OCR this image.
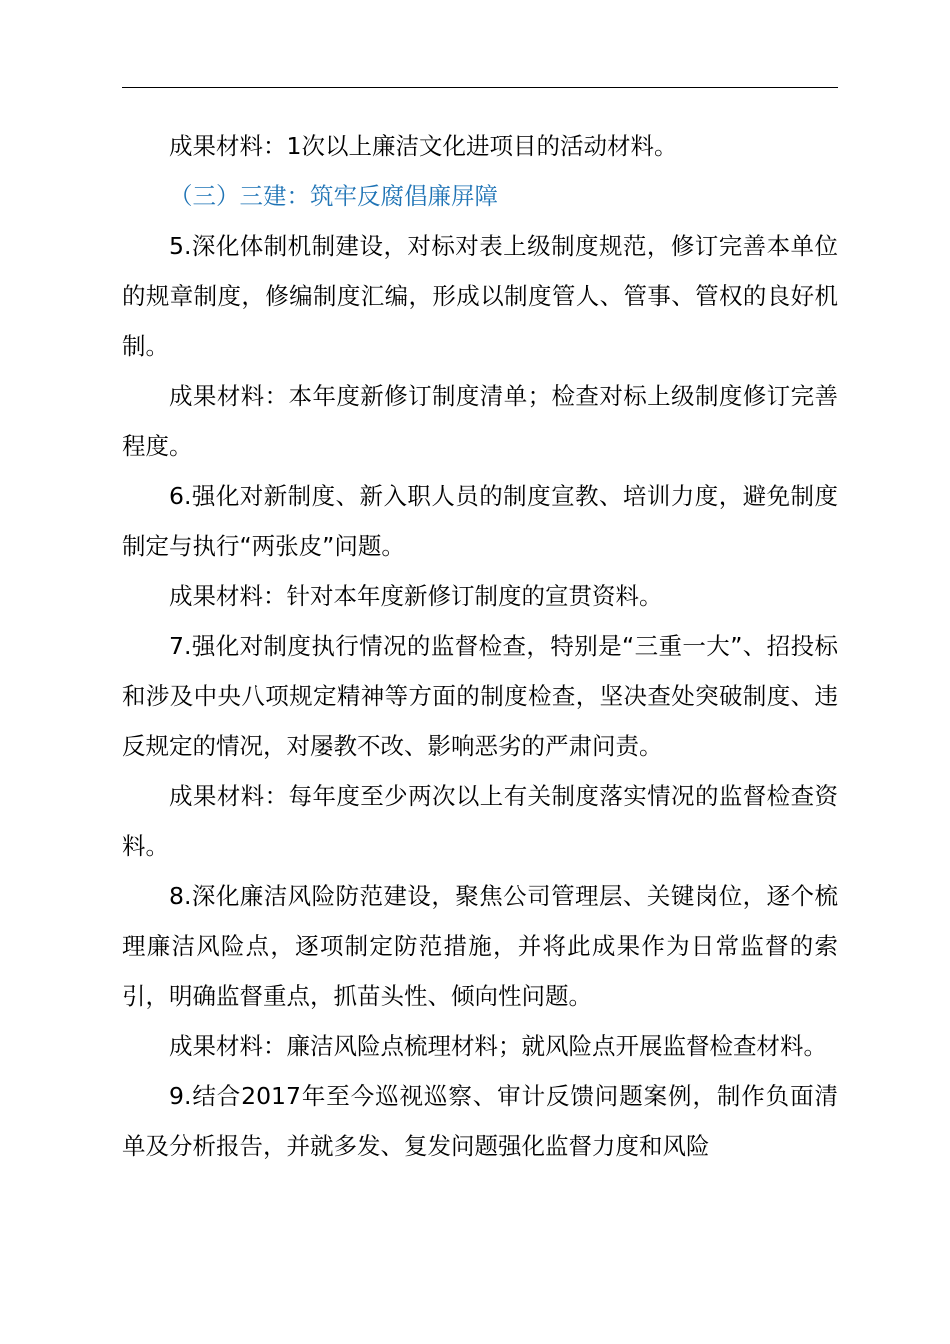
成果材料：1次以上廉洁文化进项目的活动材料。

（三）三建：筑牢反腐倡廉屏障

5.深化体制机制建设，对标对表上级制度规范，修订完善本单位的规章制度，修编制度汇编，形成以制度管人、管事、管权的良好机制。

成果材料：本年度新修订制度清单；检查对标上级制度修订完善程度。

6.强化对新制度、新入职人员的制度宣教、培训力度，避免制度制定与执行“两张皮”问题。

成果材料：针对本年度新修订制度的宣贯资料。

7.强化对制度执行情况的监督检查，特别是“三重一大”、招投标和涉及中央八项规定精神等方面的制度检查，坚决查处突破制度、违反规定的情况，对屡教不改、影响恶劣的严肃问责。

成果材料：每年度至少两次以上有关制度落实情况的监督检查资料。

8.深化廉洁风险防范建设，聚焦公司管理层、关键岗位，逐个梳理廉洁风险点，逐项制定防范措施，并将此成果作为日常监督的索引，明确监督重点，抓苗头性、倾向性问题。

成果材料：廉洁风险点梳理材料；就风险点开展监督检查材料。

9.结合2017年至今巡视巡察、审计反馈问题案例，制作负面清单及分析报告，并就多发、复发问题强化监督力度和风险
